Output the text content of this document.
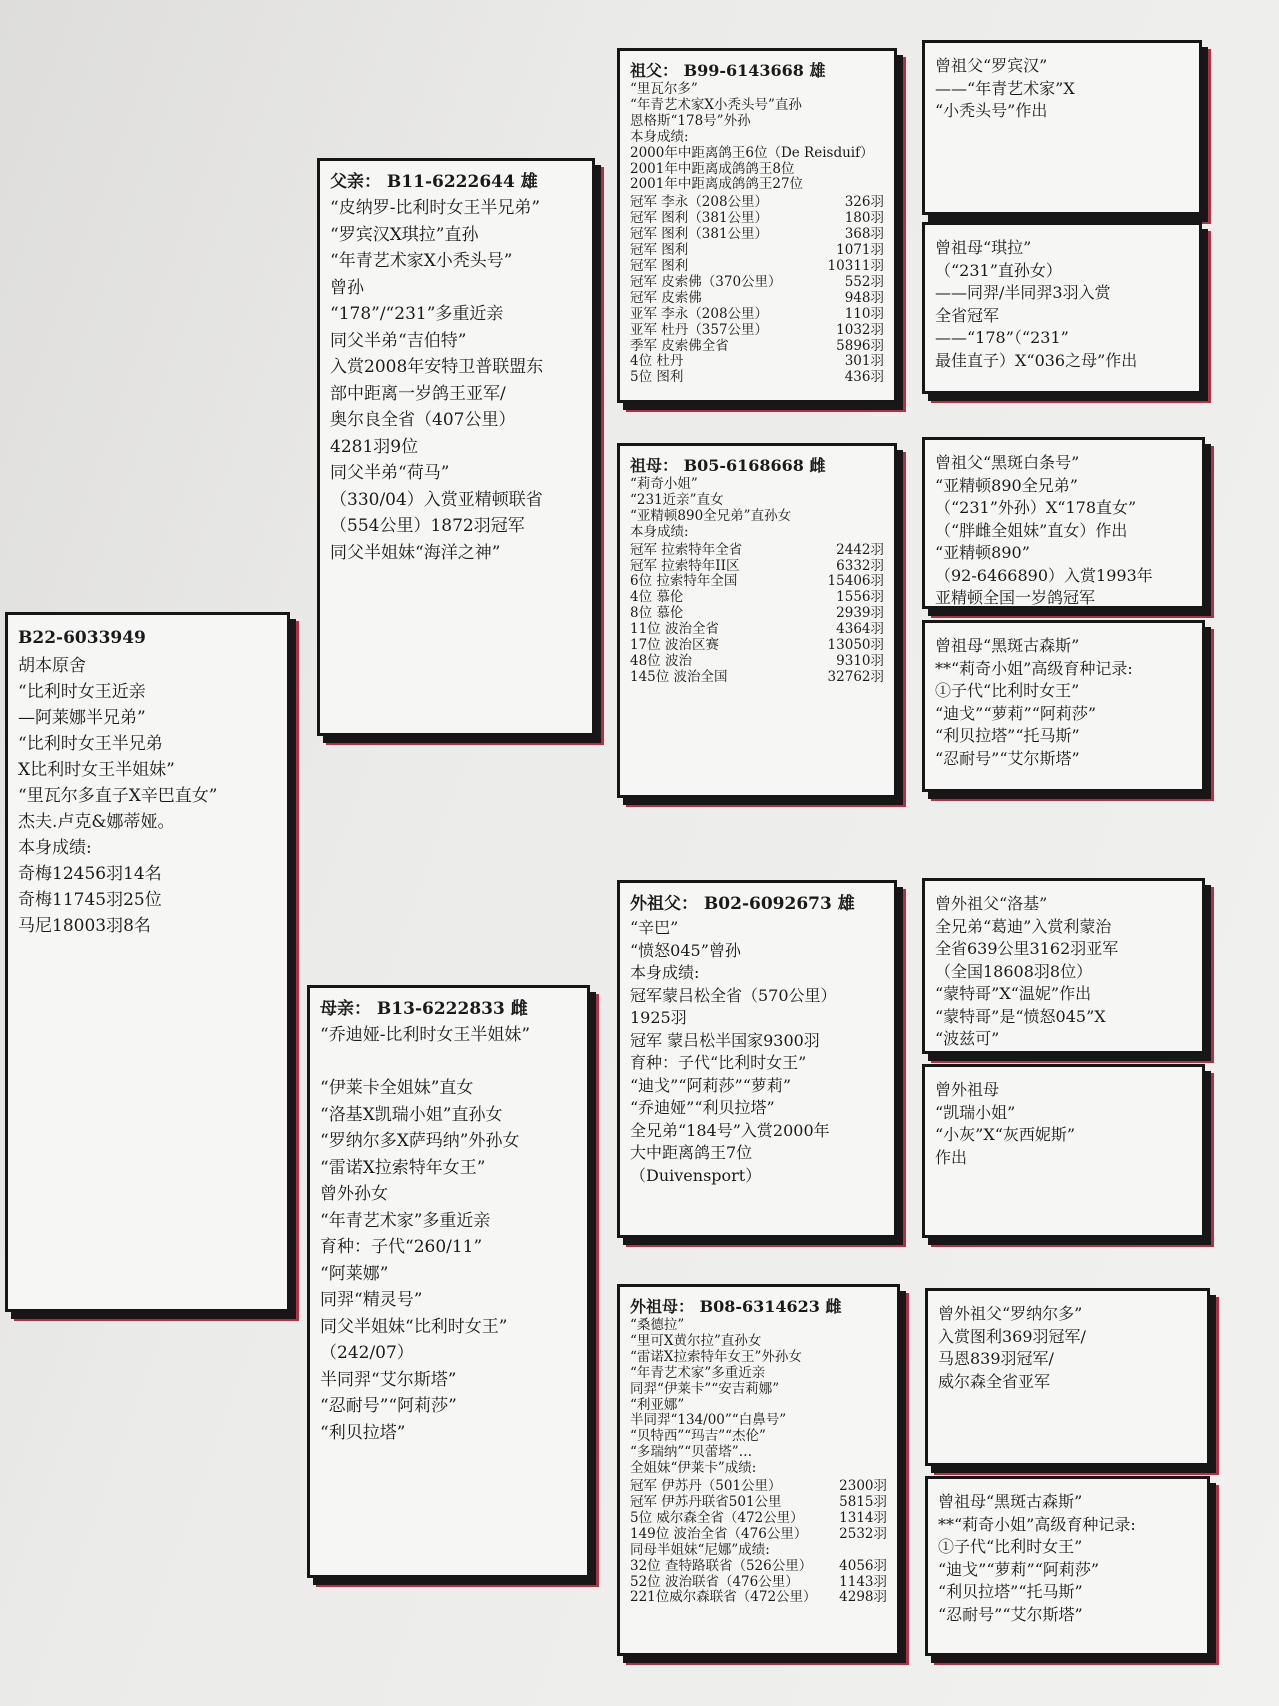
B22-6033949
胡本原舍
“比利时女王近亲
—阿莱娜半兄弟”
“比利时女王半兄弟
X比利时女王半姐妹”
“里瓦尔多直子X辛巴直女”
杰夫.卢克&娜蒂娅。
本身成绩:
奇梅12456羽14名
奇梅11745羽25位
马尼18003羽8名
父亲： B11-6222644 雄
“皮纳罗-比利时女王半兄弟”
“罗宾汉X琪拉”直孙
“年青艺术家X小秃头号”
曾孙
“178”/“231”多重近亲
同父半弟“吉伯特”
入赏2008年安特卫普联盟东
部中距离一岁鸽王亚军/
奥尔良全省（407公里）
4281羽9位
同父半弟“荷马”
（330/04）入赏亚精顿联省
（554公里）1872羽冠军
同父半姐妹“海洋之神”
母亲： B13-6222833 雌
“乔迪娅-比利时女王半姐妹”

“伊莱卡全姐妹”直女
“洛基X凯瑞小姐”直孙女
“罗纳尔多X萨玛纳”外孙女
“雷诺X拉索特年女王”
曾外孙女
“年青艺术家”多重近亲
育种：子代“260/11”
“阿莱娜”
同羿“精灵号”
同父半姐妹“比利时女王”
（242/07）
半同羿“艾尔斯塔”
“忍耐号”“阿莉莎”
“利贝拉塔”
祖父： B99-6143668 雄
“里瓦尔多”
“年青艺术家X小秃头号”直孙
恩格斯“178号”外孙
本身成绩:
2000年中距离鸽王6位（De Reisduif）
2001年中距离成鸽鸽王8位
2001年中距离成鸽鸽王27位
冠军 李永（208公里）	326羽
冠军 图利（381公里）	180羽
冠军 图利（381公里）	368羽
冠军 图利	1071羽
冠军 图利	10311羽
冠军 皮索佛（370公里）	552羽
冠军 皮索佛	948羽
亚军 李永（208公里）	110羽
亚军 杜丹（357公里）	1032羽
季军 皮索佛全省	5896羽
4位 杜丹	301羽
5位 图利	436羽
祖母： B05-6168668 雌
“莉奇小姐”
“231近亲”直女
“亚精顿890全兄弟”直孙女
本身成绩:
冠军 拉索特年全省	2442羽
冠军 拉索特年II区	6332羽
6位 拉索特年全国	15406羽
4位 慕伦	1556羽
8位 慕伦	2939羽
11位 波治全省	4364羽
17位 波治区赛	13050羽
48位 波治	9310羽
145位 波治全国	32762羽
外祖父： B02-6092673 雄
“辛巴”
“愤怒045”曾孙
本身成绩:
冠军蒙吕松全省（570公里）
1925羽
冠军 蒙吕松半国家9300羽
育种：子代“比利时女王”
“迪戈”“阿莉莎”“萝莉”
“乔迪娅”“利贝拉塔”
全兄弟“184号”入赏2000年
大中距离鸽王7位
（Duivensport）
外祖母： B08-6314623 雌
“桑德拉”
“里可X黄尔拉”直孙女
“雷诺X拉索特年女王”外孙女
“年青艺术家”多重近亲
同羿“伊莱卡”“安吉莉娜”
“利亚娜”
半同羿“134/00”“白鼻号”
“贝特西”“玛吉”“杰伦”
“多瑞纳”“贝蕾塔”…
全姐妹“伊莱卡”成绩:
冠军 伊苏丹（501公里）	2300羽
冠军 伊苏丹联省501公里	5815羽
5位 威尔森全省（472公里）	1314羽
149位 波治全省（476公里） 2532羽
同母半姐妹“尼娜”成绩:
32位 查特路联省（526公里） 4056羽
52位 波治联省（476公里）	1143羽
221位威尔森联省（472公里） 4298羽
曾祖父“罗宾汉”
——“年青艺术家”X
“小秃头号”作出
曾祖母“琪拉”
（“231”直孙女）
——同羿/半同羿3羽入赏
全省冠军
——“178”（“231”
最佳直子）X“036之母”作出
曾祖父“黑斑白条号”
“亚精顿890全兄弟”
（“231”外孙）X“178直女”
（“胖雌全姐妹”直女）作出
“亚精顿890”
（92-6466890）入赏1993年
亚精顿全国一岁鸽冠军
曾祖母“黑斑古森斯”
**“莉奇小姐”高级育种记录:
①子代“比利时女王”
“迪戈”“萝莉”“阿莉莎”
“利贝拉塔”“托马斯”
“忍耐号”“艾尔斯塔”
曾外祖父“洛基”
全兄弟“葛迪”入赏利蒙治
全省639公里3162羽亚军
（全国18608羽8位）
“蒙特哥”X“温妮”作出
“蒙特哥”是“愤怒045”X
“波兹可”
曾外祖母
“凯瑞小姐”
“小灰”X“灰西妮斯”
作出
曾外祖父“罗纳尔多”
入赏图利369羽冠军/
马恩839羽冠军/
威尔森全省亚军
曾祖母“黑斑古森斯”
**“莉奇小姐”高级育种记录:
①子代“比利时女王”
“迪戈”“萝莉”“阿莉莎”
“利贝拉塔”“托马斯”
“忍耐号”“艾尔斯塔”
